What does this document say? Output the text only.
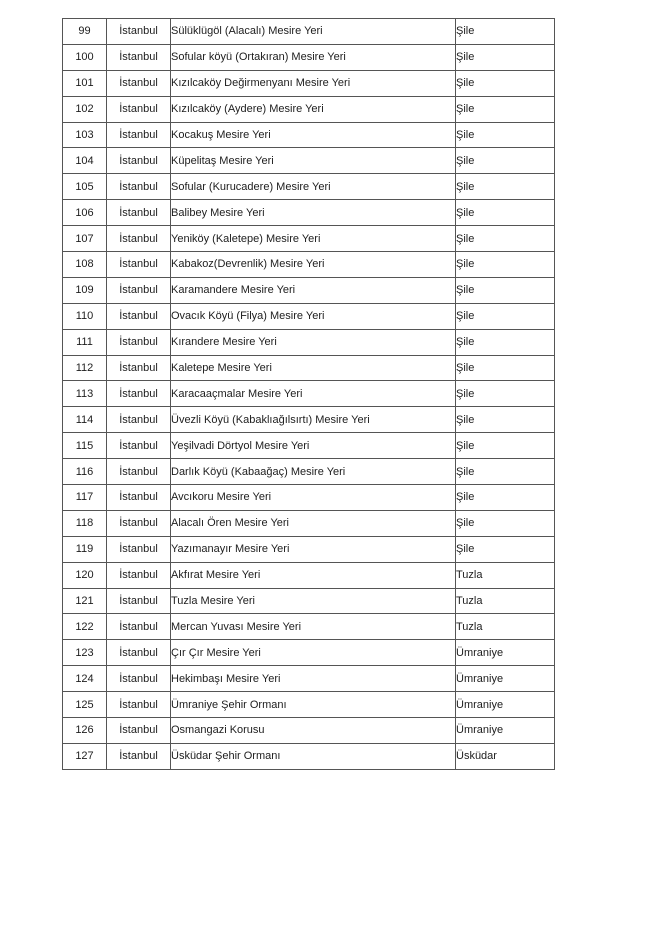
99	İstanbul	Sülüklügöl (Alacalı) Mesire Yeri	Şile
100	İstanbul	Sofular köyü (Ortakıran) Mesire Yeri	Şile
101	İstanbul	Kızılcaköy Değirmenyanı Mesire Yeri	Şile
102	İstanbul	Kızılcaköy (Aydere) Mesire Yeri	Şile
103	İstanbul	Kocakuş Mesire Yeri	Şile
104	İstanbul	Küpelitaş Mesire Yeri	Şile
105	İstanbul	Sofular (Kurucadere) Mesire Yeri	Şile
106	İstanbul	Balibey Mesire Yeri	Şile
107	İstanbul	Yeniköy (Kaletepe) Mesire Yeri	Şile
108	İstanbul	Kabakoz(Devrenlik) Mesire Yeri	Şile
109	İstanbul	Karamandere Mesire Yeri	Şile
110	İstanbul	Ovacık Köyü (Filya) Mesire Yeri	Şile
111	İstanbul	Kırandere Mesire Yeri	Şile
112	İstanbul	Kaletepe Mesire Yeri	Şile
113	İstanbul	Karacaaçmalar Mesire Yeri	Şile
114	İstanbul	Üvezli Köyü (Kabaklıağılsırtı) Mesire Yeri	Şile
115	İstanbul	Yeşilvadi Dörtyol Mesire Yeri	Şile
116	İstanbul	Darlık Köyü (Kabaağaç) Mesire Yeri	Şile
117	İstanbul	Avcıkoru Mesire Yeri	Şile
118	İstanbul	Alacalı Ören Mesire Yeri	Şile
119	İstanbul	Yazımanayır Mesire Yeri	Şile
120	İstanbul	Akfırat Mesire Yeri	Tuzla
121	İstanbul	Tuzla Mesire Yeri	Tuzla
122	İstanbul	Mercan Yuvası Mesire Yeri	Tuzla
123	İstanbul	Çır Çır Mesire Yeri	Ümraniye
124	İstanbul	Hekimbaşı Mesire Yeri	Ümraniye
125	İstanbul	Ümraniye Şehir Ormanı	Ümraniye
126	İstanbul	Osmangazi Korusu	Ümraniye
127	İstanbul	Üsküdar Şehir Ormanı	Üsküdar
